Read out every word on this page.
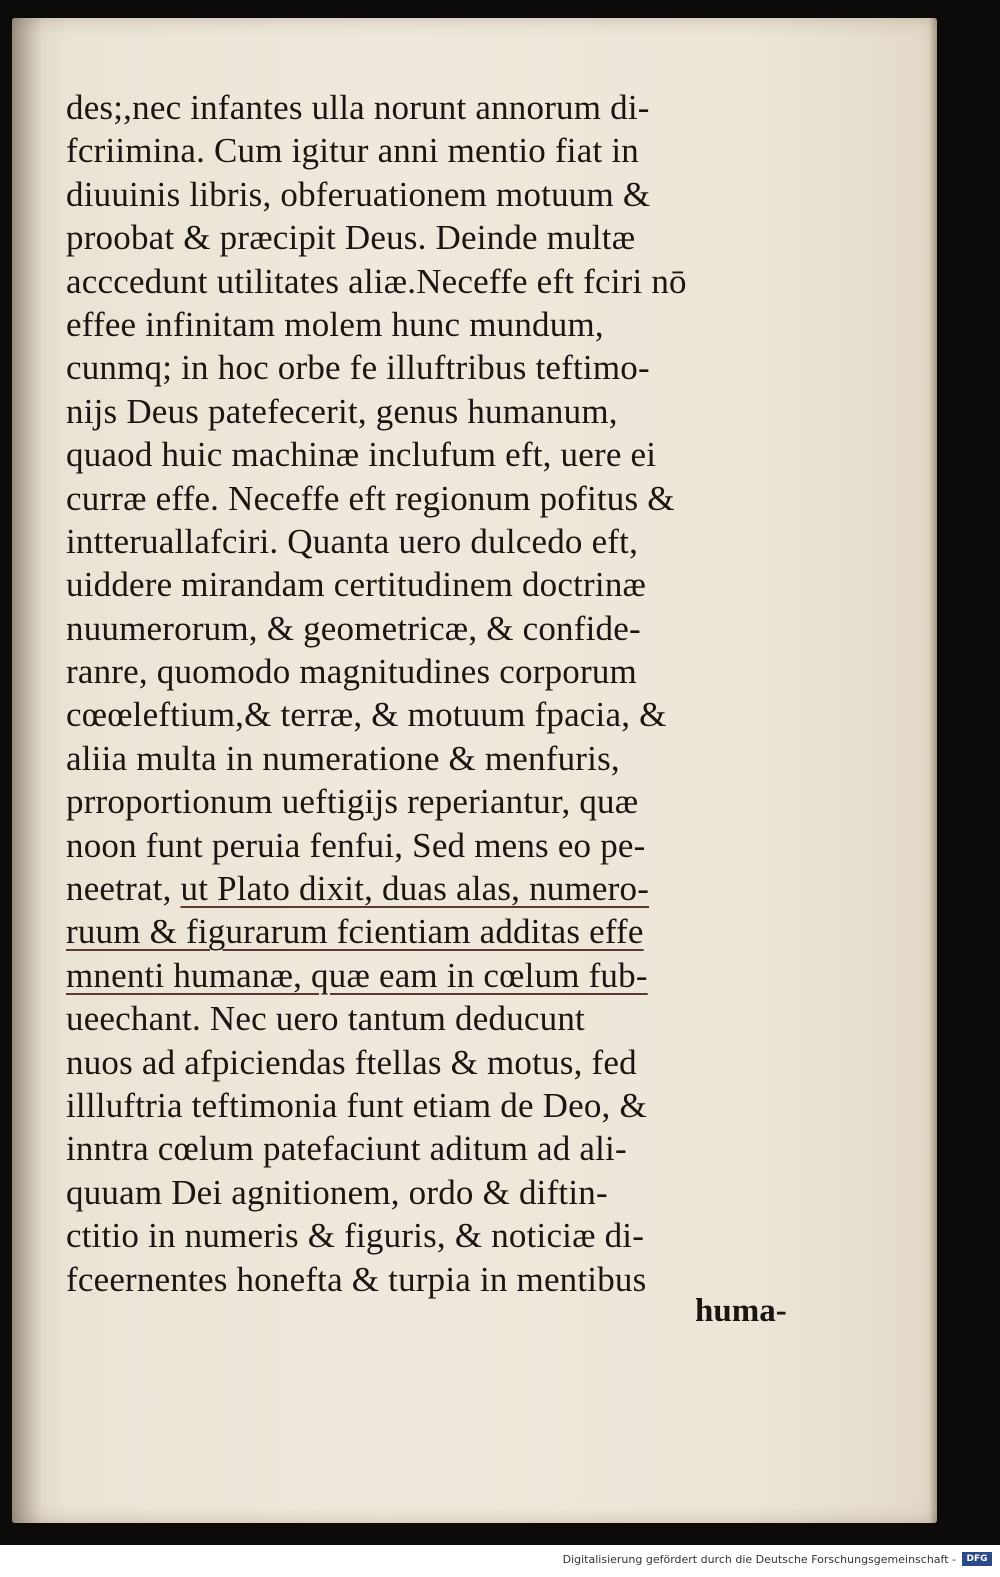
des;,nec infantes ulla norunt annorum di-
fcriimina. Cum igitur anni mentio fiat in
diuuinis libris, obferuationem motuum &
proobat & præcipit Deus. Deinde multæ
acccedunt utilitates aliæ.Neceffe eft fciri nō
effee infinitam molem hunc mundum,
cunmq; in hoc orbe fe illuftribus teftimo-
nijs Deus patefecerit, genus humanum,
quaod huic machinæ inclufum eft, uere ei
curræ effe. Neceffe eft regionum pofitus &
intteruallafciri. Quanta uero dulcedo eft,
uiddere mirandam certitudinem doctrinæ
nuumerorum, & geometricæ, & confide-
ranre, quomodo magnitudines corporum
cœœleftium,& terræ, & motuum fpacia, &
aliia multa in numeratione & menfuris,
prroportionum ueftigijs reperiantur, quæ
noon funt peruia fenfui, Sed mens eo pe-
neetrat, ut Plato dixit, duas alas, numero-
ruum & figurarum fcientiam additas effe
mnenti humanæ, quæ eam in cœlum fub-
ueechant. Nec uero tantum deducunt
nuos ad afpiciendas ftellas & motus, fed
illluftria teftimonia funt etiam de Deo, &
inntra cœlum patefaciunt aditum ad ali-
quuam Dei agnitionem, ordo & diftin-
ctitio in numeris & figuris, & noticiæ di-
fceernentes honefta & turpia in mentibus
huma-
Digitalisierung gefördert durch die Deutsche Forschungsgemeinschaft -	DFG
